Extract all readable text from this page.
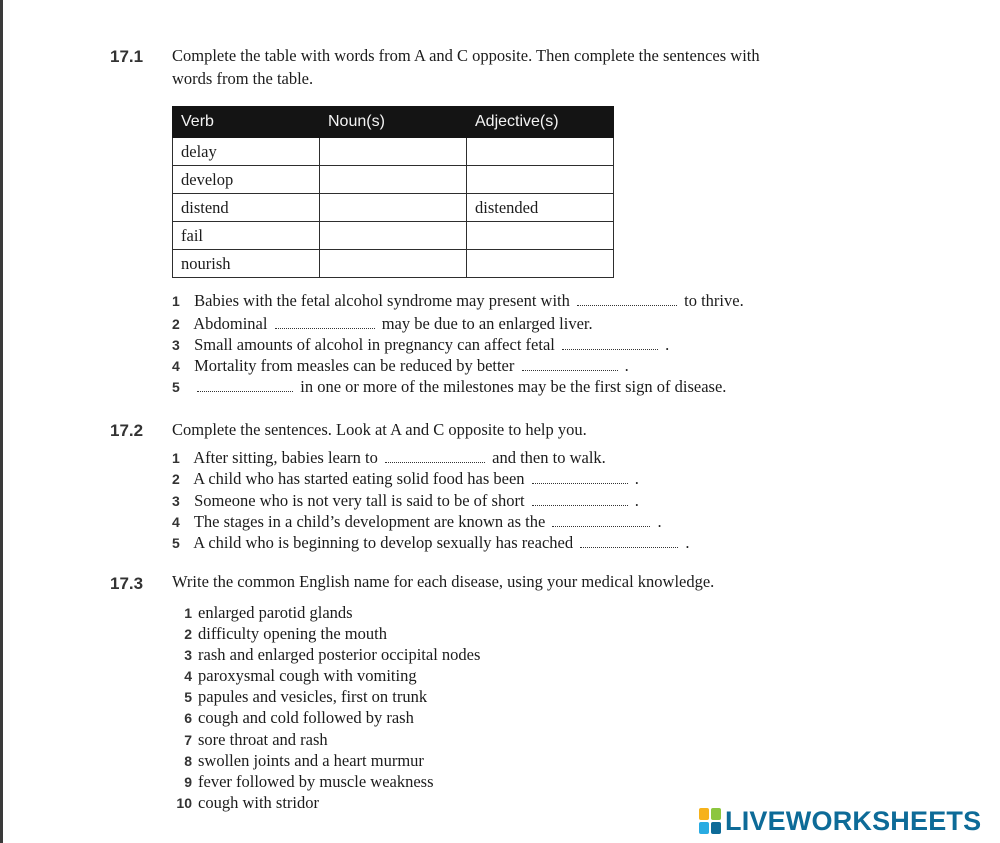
17.1 Complete the table with words from A and C opposite. Then complete the sentences with
words from the table.
Verb	Noun(s)	Adjective(s)
delay		
develop		
distend		distended
fail		
nourish		
1 Babies with the fetal alcohol syndrome may present with	to thrive.
2 Abdominal	may be due to an enlarged liver.
3 Small amounts of alcohol in pregnancy can affect fetal	.
4 Mortality from measles can be reduced by better	.
5	in one or more of the milestones may be the first sign of disease.
17.2 Complete the sentences. Look at A and C opposite to help you.
1 After sitting, babies learn to	and then to walk.
2 A child who has started eating solid food has been	.
3 Someone who is not very tall is said to be of short	.
4 The stages in a child’s development are known as the	.
5 A child who is beginning to develop sexually has reached	.
17.3 Write the common English name for each disease, using your medical knowledge.
1 enlarged parotid glands
2 difficulty opening the mouth
3 rash and enlarged posterior occipital nodes
4 paroxysmal cough with vomiting
5 papules and vesicles, first on trunk
6 cough and cold followed by rash
7 sore throat and rash
8 swollen joints and a heart murmur
9 fever followed by muscle weakness
10 cough with stridor
LIVEWORKSHEETS
